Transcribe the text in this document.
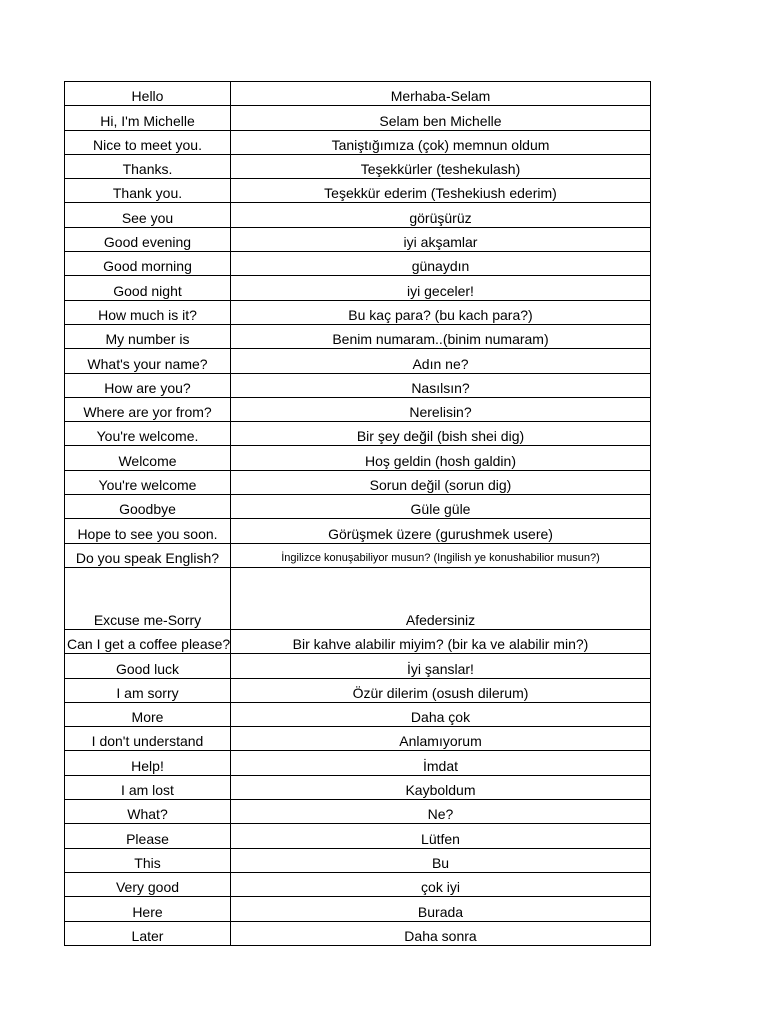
Hello	Merhaba-Selam
Hi, I'm Michelle	Selam ben Michelle
Nice to meet you.	Taniştığımıza (çok) memnun oldum
Thanks.	Teşekkürler (teshekulash)
Thank you.	Teşekkür ederim (Teshekiush ederim)
See you	görüşürüz
Good evening	iyi akşamlar
Good morning	günaydın
Good night	iyi geceler!
How much is it?	Bu kaç para? (bu kach para?)
My number is	Benim numaram..(binim numaram)
What's your name?	Adın ne?
How are you?	Nasılsın?
Where are yor from?	Nerelisin?
You're welcome.	Bir şey değil (bish shei dig)
Welcome	Hoş geldin (hosh galdin)
You're welcome	Sorun değil (sorun dig)
Goodbye	Güle güle
Hope to see you soon.	Görüşmek üzere (gurushmek usere)
Do you speak English?	İngilizce konuşabiliyor musun? (Ingilish ye konushabilior musun?)
Excuse me-Sorry	Afedersiniz
Can I get a coffee please?	Bir kahve alabilir miyim? (bir ka ve alabilir min?)
Good luck	İyi şanslar!
I am sorry	Özür dilerim (osush dilerum)
More	Daha çok
I don't understand	Anlamıyorum
Help!	İmdat
I am lost	Kayboldum
What?	Ne?
Please	Lütfen
This	Bu
Very good	çok iyi
Here	Burada
Later	Daha sonra
